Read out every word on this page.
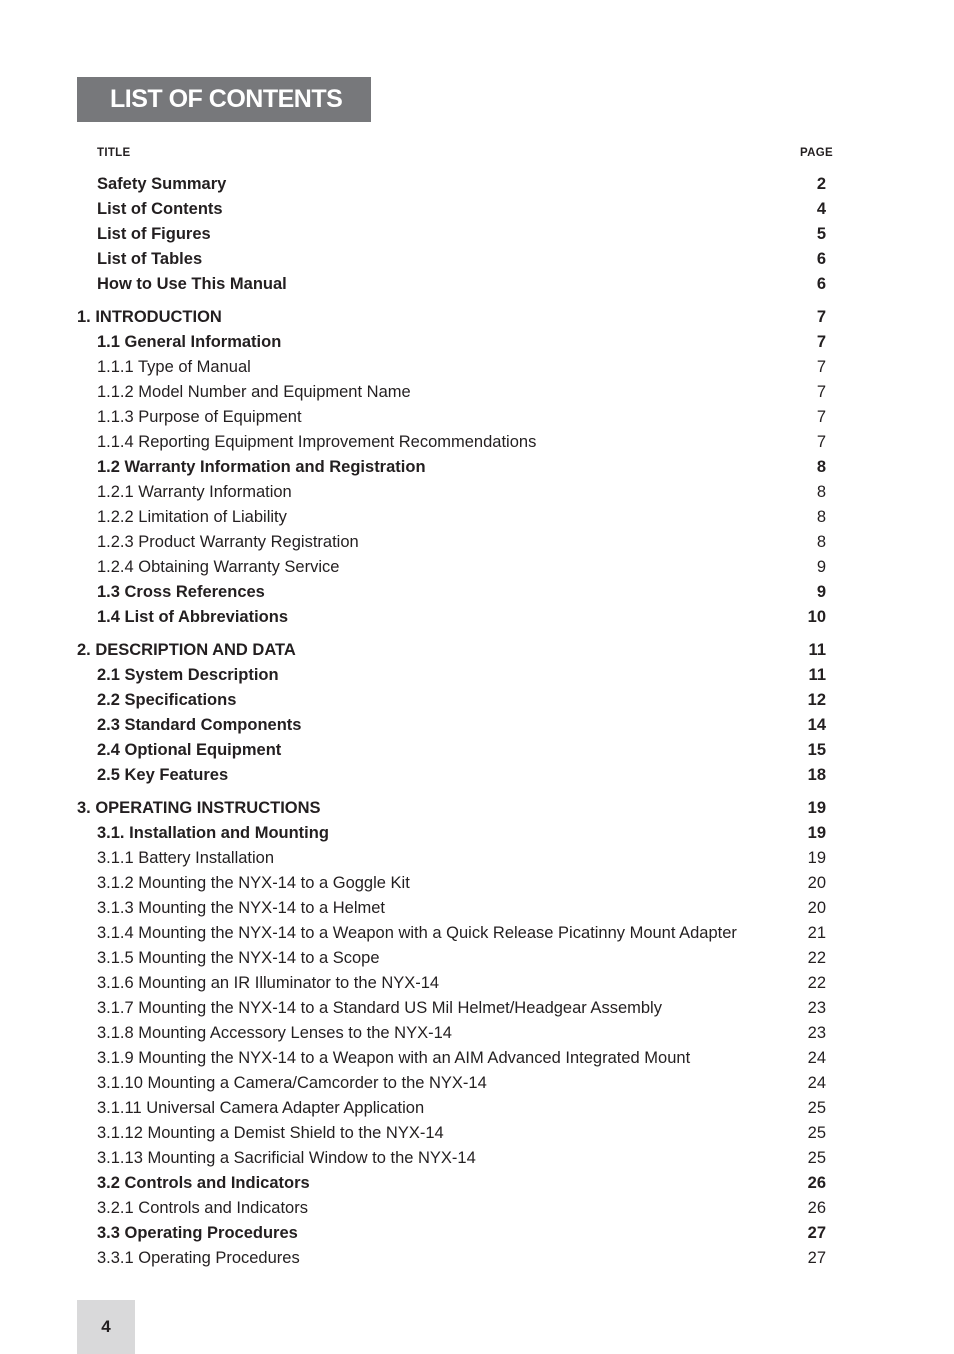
LIST OF CONTENTS
TITLE	PAGE
Safety Summary	2
List of Contents	4
List of Figures	5
List of Tables	6
How to Use This Manual	6
1. INTRODUCTION	7
1.1 General Information	7
1.1.1 Type of Manual	7
1.1.2 Model Number and Equipment Name	7
1.1.3 Purpose of Equipment	7
1.1.4 Reporting Equipment Improvement Recommendations	7
1.2 Warranty Information and Registration	8
1.2.1 Warranty Information	8
1.2.2 Limitation of Liability	8
1.2.3 Product Warranty Registration	8
1.2.4 Obtaining Warranty Service	9
1.3 Cross References	9
1.4 List of Abbreviations	10
2. DESCRIPTION AND DATA	11
2.1 System Description	11
2.2 Specifications	12
2.3 Standard Components	14
2.4 Optional Equipment	15
2.5 Key Features	18
3. OPERATING INSTRUCTIONS	19
3.1. Installation and Mounting	19
3.1.1 Battery Installation	19
3.1.2 Mounting the NYX-14 to a Goggle Kit	20
3.1.3 Mounting the NYX-14 to a Helmet	20
3.1.4 Mounting the NYX-14 to a Weapon with a Quick Release Picatinny Mount Adapter	21
3.1.5 Mounting the NYX-14 to a Scope	22
3.1.6 Mounting an IR Illuminator to the NYX-14	22
3.1.7 Mounting the NYX-14 to a Standard US Mil Helmet/Headgear Assembly	23
3.1.8 Mounting Accessory Lenses to the NYX-14	23
3.1.9 Mounting the NYX-14 to a Weapon with an AIM Advanced Integrated Mount	24
3.1.10 Mounting a Camera/Camcorder to the NYX-14	24
3.1.11 Universal Camera Adapter Application	25
3.1.12 Mounting a Demist Shield to the NYX-14	25
3.1.13 Mounting a Sacrificial Window to the NYX-14	25
3.2 Controls and Indicators	26
3.2.1 Controls and Indicators	26
3.3 Operating Procedures	27
3.3.1 Operating Procedures	27
4
